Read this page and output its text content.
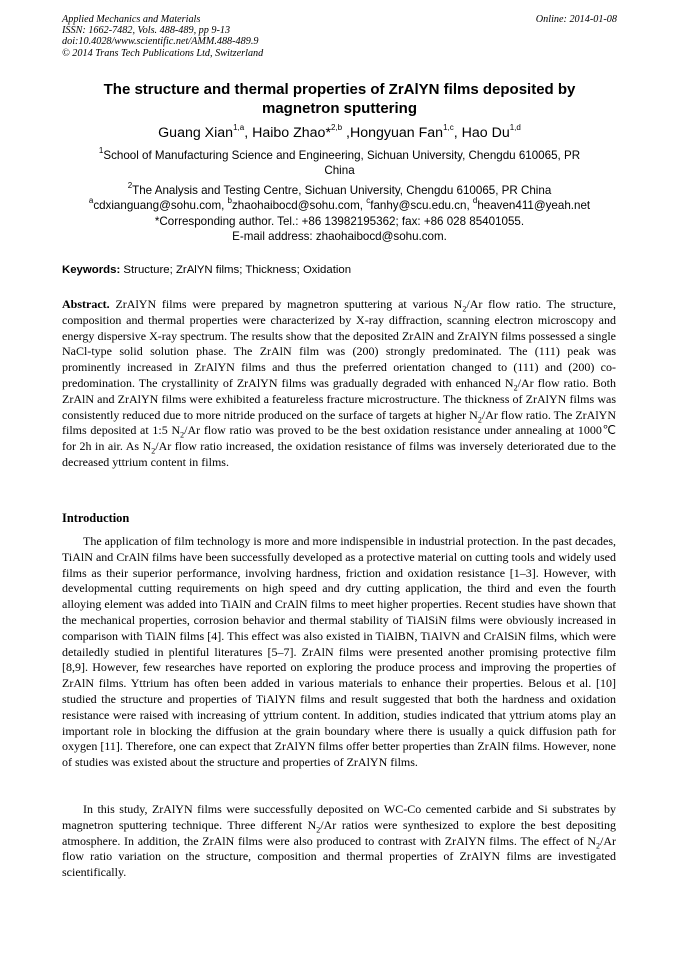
Applied Mechanics and Materials
ISSN: 1662-7482, Vols. 488-489, pp 9-13
doi:10.4028/www.scientific.net/AMM.488-489.9
© 2014 Trans Tech Publications Ltd, Switzerland
Online: 2014-01-08
The structure and thermal properties of ZrAlYN films deposited by
magnetron sputtering
Guang Xian$^{1,a}$, Haibo Zhao*$^{2,b}$ ,Hongyuan Fan$^{1,c}$, Hao Du$^{1,d}$
$^1$School of Manufacturing Science and Engineering, Sichuan University, Chengdu 610065, PR
China
$^2$The Analysis and Testing Centre, Sichuan University, Chengdu 610065, PR China
$^a$cdxianguang@sohu.com, $^b$zhaohaibocd@sohu.com, $^c$fanhy@scu.edu.cn, $^d$heaven411@yeah.net
*Corresponding author. Tel.: +86 13982195362; fax: +86 028 85401055.
E-mail address: zhaohaibocd@sohu.com.
Keywords: Structure; ZrAlYN films; Thickness; Oxidation
Abstract. ZrAlYN films were prepared by magnetron sputtering at various $N_2/Ar$ flow ratio. The structure, composition and thermal properties were characterized by X-ray diffraction, scanning electron microscopy and energy dispersive X-ray spectrum. The results show that the deposited ZrAlN and ZrAlYN films possessed a single NaCl-type solid solution phase. The ZrAlN film was (200) strongly predominated. The (111) peak was prominently increased in ZrAlYN films and thus the preferred orientation changed to (111) and (200) co-predomination. The crystallinity of ZrAlYN films was gradually degraded with enhanced $N_2/Ar$ flow ratio. Both ZrAlN and ZrAlYN films were exhibited a featureless fracture microstructure. The thickness of ZrAlYN films was consistently reduced due to more nitride produced on the surface of targets at higher $N_2/Ar$ flow ratio. The ZrAlYN films deposited at 1:5 $N_2/Ar$ flow ratio was proved to be the best oxidation resistance under annealing at 1000℃ for 2h in air. As $N_2/Ar$ flow ratio increased, the oxidation resistance of films was inversely deteriorated due to the decreased yttrium content in films.
Introduction
The application of film technology is more and more indispensible in industrial protection. In the past decades, TiAlN and CrAlN films have been successfully developed as a protective material on cutting tools and widely used films as their superior performance, involving hardness, friction and oxidation resistance [1–3]. However, with developmental cutting requirements on high speed and dry cutting application, the third and even the fourth alloying element was added into TiAlN and CrAlN films to meet higher properties. Recent studies have shown that the mechanical properties, corrosion behavior and thermal stability of TiAlSiN films were obviously increased in comparison with TiAlN films [4]. This effect was also existed in TiAlBN, TiAlVN and CrAlSiN films, which were detailedly studied in plentiful literatures [5–7]. ZrAlN films were presented another promising protective film [8,9]. However, few researches have reported on exploring the produce process and improving the properties of ZrAlN films. Yttrium has often been added in various materials to enhance their properties. Belous et al. [10] studied the structure and properties of TiAlYN films and result suggested that both the hardness and oxidation resistance were raised with increasing of yttrium content. In addition, studies indicated that yttrium atoms play an important role in blocking the diffusion at the grain boundary where there is usually a quick diffusion path for oxygen [11]. Therefore, one can expect that ZrAlYN films offer better properties than ZrAlN films. However, none of studies was existed about the structure and properties of ZrAlYN films.
In this study, ZrAlYN films were successfully deposited on WC-Co cemented carbide and Si substrates by magnetron sputtering technique. Three different $N_2/Ar$ ratios were synthesized to explore the best depositing atmosphere. In addition, the ZrAlN films were also produced to contrast with ZrAlYN films. The effect of $N_2/Ar$ flow ratio variation on the structure, composition and thermal properties of ZrAlYN films are investigated scientifically.
